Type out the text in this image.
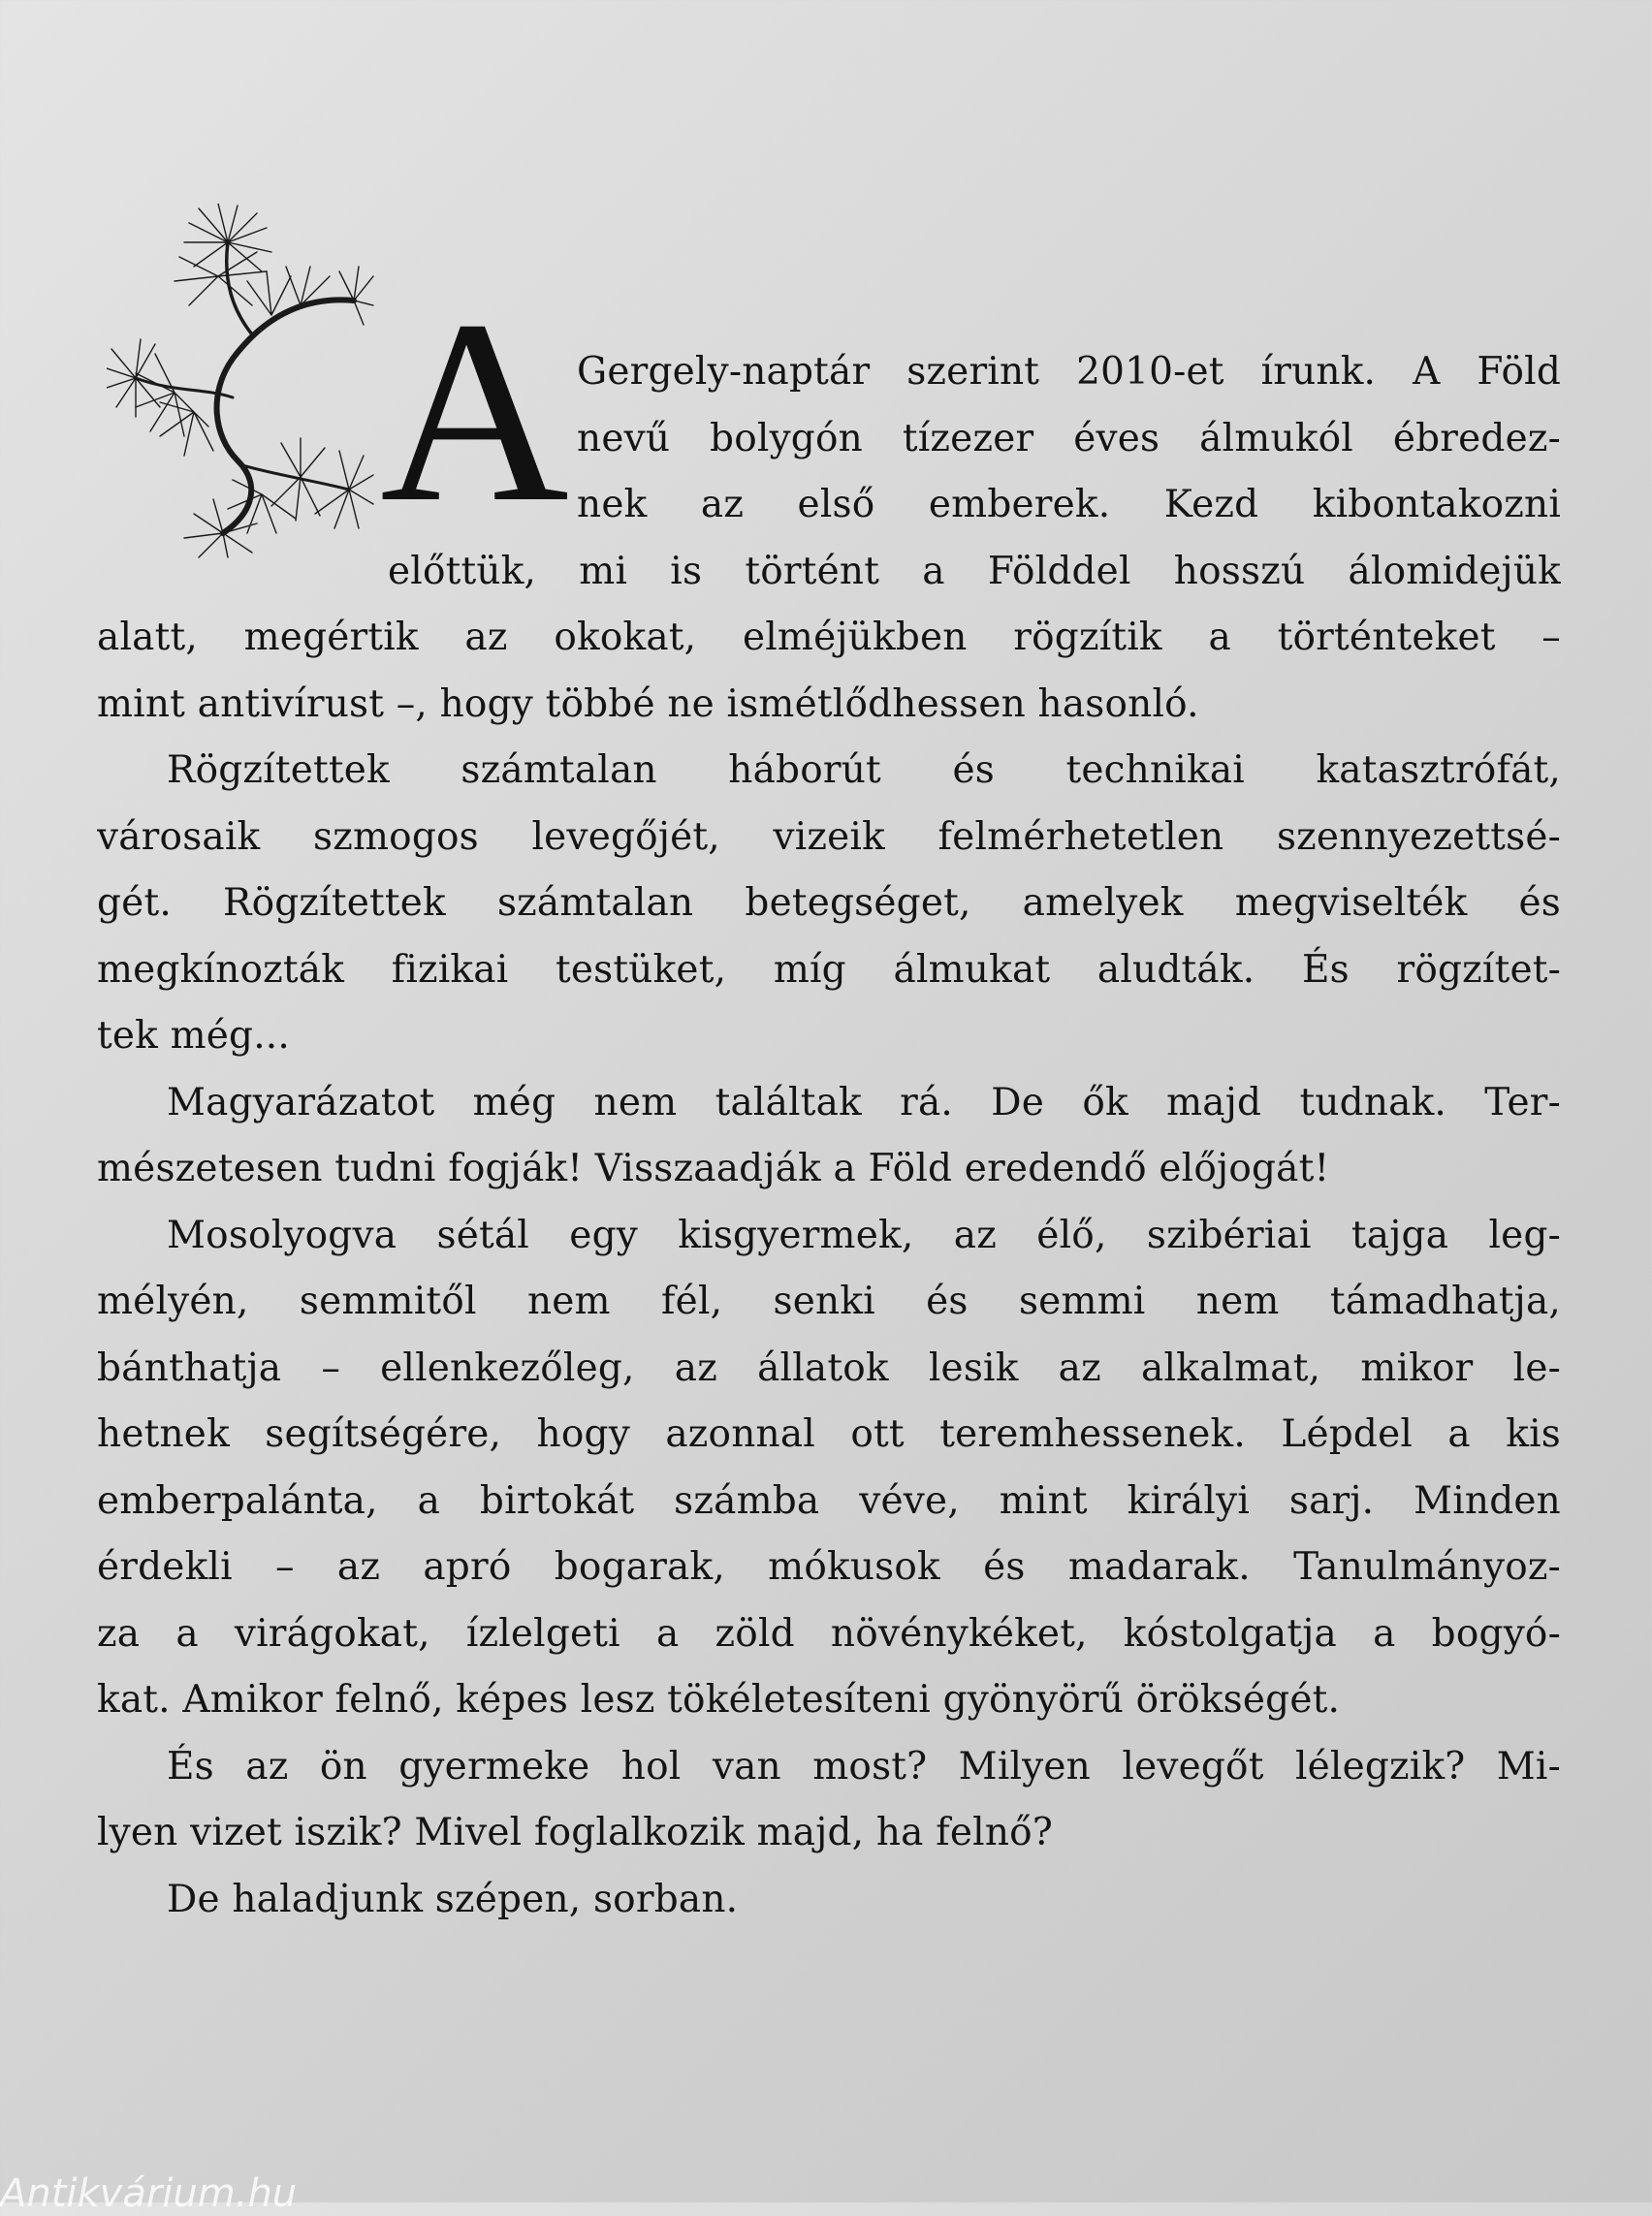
A Gergely-naptár szerint 2010-et írunk. A Föld
nevű bolygón tízezer éves álmukól ébredez-
nek az első emberek. Kezd kibontakozni
előttük, mi is történt a Földdel hosszú álomidejük
alatt, megértik az okokat, elméjükben rögzítik a történteket –
mint antivírust –, hogy többé ne ismétlődhessen hasonló.
Rögzítettek számtalan háborút és technikai katasztrófát,
városaik szmogos levegőjét, vizeik felmérhetetlen szennyezettsé-
gét. Rögzítettek számtalan betegséget, amelyek megviselték és
megkínozták fizikai testüket, míg álmukat aludták. És rögzítet-
tek még...
Magyarázatot még nem találtak rá. De ők majd tudnak. Ter-
mészetesen tudni fogják! Visszaadják a Föld eredendő előjogát!
Mosolyogva sétál egy kisgyermek, az élő, szibériai tajga leg-
mélyén, semmitől nem fél, senki és semmi nem támadhatja,
bánthatja – ellenkezőleg, az állatok lesik az alkalmat, mikor le-
hetnek segítségére, hogy azonnal ott teremhessenek. Lépdel a kis
emberpalánta, a birtokát számba véve, mint királyi sarj. Minden
érdekli – az apró bogarak, mókusok és madarak. Tanulmányoz-
za a virágokat, ízlelgeti a zöld növénykéket, kóstolgatja a bogyó-
kat. Amikor felnő, képes lesz tökéletesíteni gyönyörű örökségét.
És az ön gyermeke hol van most? Milyen levegőt lélegzik? Mi-
lyen vizet iszik? Mivel foglalkozik majd, ha felnő?
De haladjunk szépen, sorban.
Antikvárium.hu
